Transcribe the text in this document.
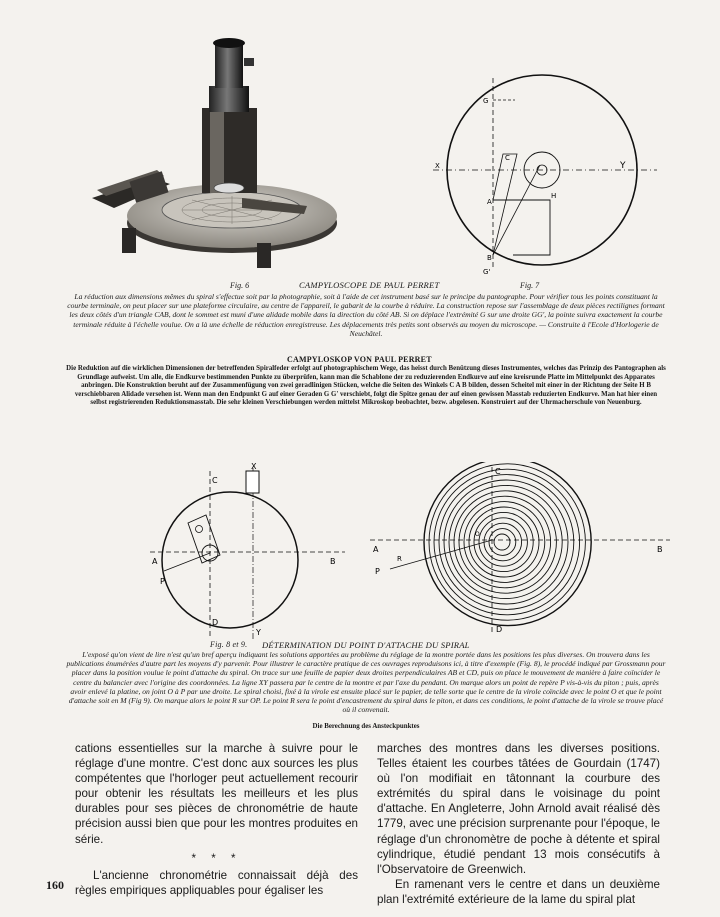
G
G'
A
B
C
H
Y
X
Fig. 6	CAMPYLOSCOPE DE PAUL PERRET	Fig. 7
La réduction aux dimensions mêmes du spiral s'effectue soit par la photographie, soit à l'aide de cet instrument basé sur le principe du pantographe. Pour vérifier tous les points constituant la courbe terminale, on peut placer sur une plateforme circulaire, au centre de l'appareil, le gabarit de la courbe à réduire. La construction repose sur l'assemblage de deux pièces rectilignes formant les deux côtés d'un triangle CAB, dont le sommet est muni d'une alidade mobile dans la direction du côté AB. Si on déplace l'extrémité G sur une droite GG', la pointe suivra exactement la courbe terminale réduite à l'échelle voulue. On a là une échelle de réduction enregistreuse. Les déplacements très petits sont observés au moyen du microscope. — Construite à l'Ecole d'Horlogerie de Neuchâtel.
CAMPYLOSKOP VON PAUL PERRET
Die Reduktion auf die wirklichen Dimensionen der betreffenden Spiralfeder erfolgt auf photographischem Wege, das heisst durch Benützung dieses Instrumentes, welches das Prinzip des Pantographen als Grundlage aufweist. Um alle, die Endkurve bestimmenden Punkte zu überprüfen, kann man die Schablone der zu reduzierenden Endkurve auf eine kreisrunde Platte im Mittelpunkt des Apparates anbringen. Die Konstruktion beruht auf der Zusammenfügung von zwei geradlinigen Stücken, welche die Seiten des Winkels C A B bilden, dessen Scheitel mit einer in der Richtung der Seite H B verschiebbaren Alidade versehen ist. Wenn man den Endpunkt G auf einer Geraden G G' verschiebt, folgt die Spitze genau der auf einen gewissen Masstab reduzierten Endkurve. Man hat hier einen selbst registrierenden Reduktionsmasstab. Die sehr kleinen Verschiebungen werden mittelst Mikroskop beobachtet, bezw. abgelesen. Konstruiert auf der Uhrmacherschule von Neuenburg.
C
X
A	B
P
D
Y
C
A	B
P
R
O
D
Fig. 8 et 9. DÉTERMINATION DU POINT D'ATTACHE DU SPIRAL
L'exposé qu'on vient de lire n'est qu'un bref aperçu indiquant les solutions apportées au problème du réglage de la montre portée dans les positions les plus diverses. On trouvera dans les publications énumérées d'autre part les moyens d'y parvenir. Pour illustrer le caractère pratique de ces ouvrages reproduisons ici, à titre d'exemple (Fig. 8), le procédé indiqué par Grossmann pour placer dans la position voulue le point d'attache du spiral. On trace sur une feuille de papier deux droites perpendiculaires AB et CD, puis on place le mouvement de manière à faire coïncider le centre du balancier avec l'origine des coordonnées. La ligne XY passera par le centre de la montre et par l'axe du pendant. On marque alors un point de repère P vis-à-vis du piton ; puis, après avoir enlevé la platine, on joint O à P par une droite. Le spiral choisi, fixé à la virole est ensuite placé sur le papier, de telle sorte que le centre de la virole coïncide avec le point O et que le point d'attache soit en M (Fig 9). On marque alors le point R sur OP. Le point R sera le point d'encastrement du spiral dans le piton, et dans ces conditions, le point d'attache de la virole se trouve placé où il convenait.
Die Berechnung des Ansteckpunktes

cations essentielles sur la marche à suivre pour le réglage d'une montre. C'est donc aux sources les plus compétentes que l'horloger peut actuellement recourir pour obtenir les résultats les meilleurs et les plus durables pour ses pièces de chronométrie de haute précision aussi bien que pour les montres produites en série.

* * *

L'ancienne chronométrie connaissait déjà des règles empiriques appliquables pour égaliser les

marches des montres dans les diverses positions. Telles étaient les courbes tâtées de Gourdain (1747) où l'on modifiait en tâtonnant la courbure des extrémités du spiral dans le voisinage du point d'attache. En Angleterre, John Arnold avait réalisé dès 1779, avec une précision surprenante pour l'époque, le réglage d'un chronomètre de poche à détente et spiral cylindrique, étudié pendant 13 mois consécutifs à l'Observatoire de Greenwich.

En ramenant vers le centre et dans un deuxième plan l'extrémité extérieure de la lame du spiral plat

160
